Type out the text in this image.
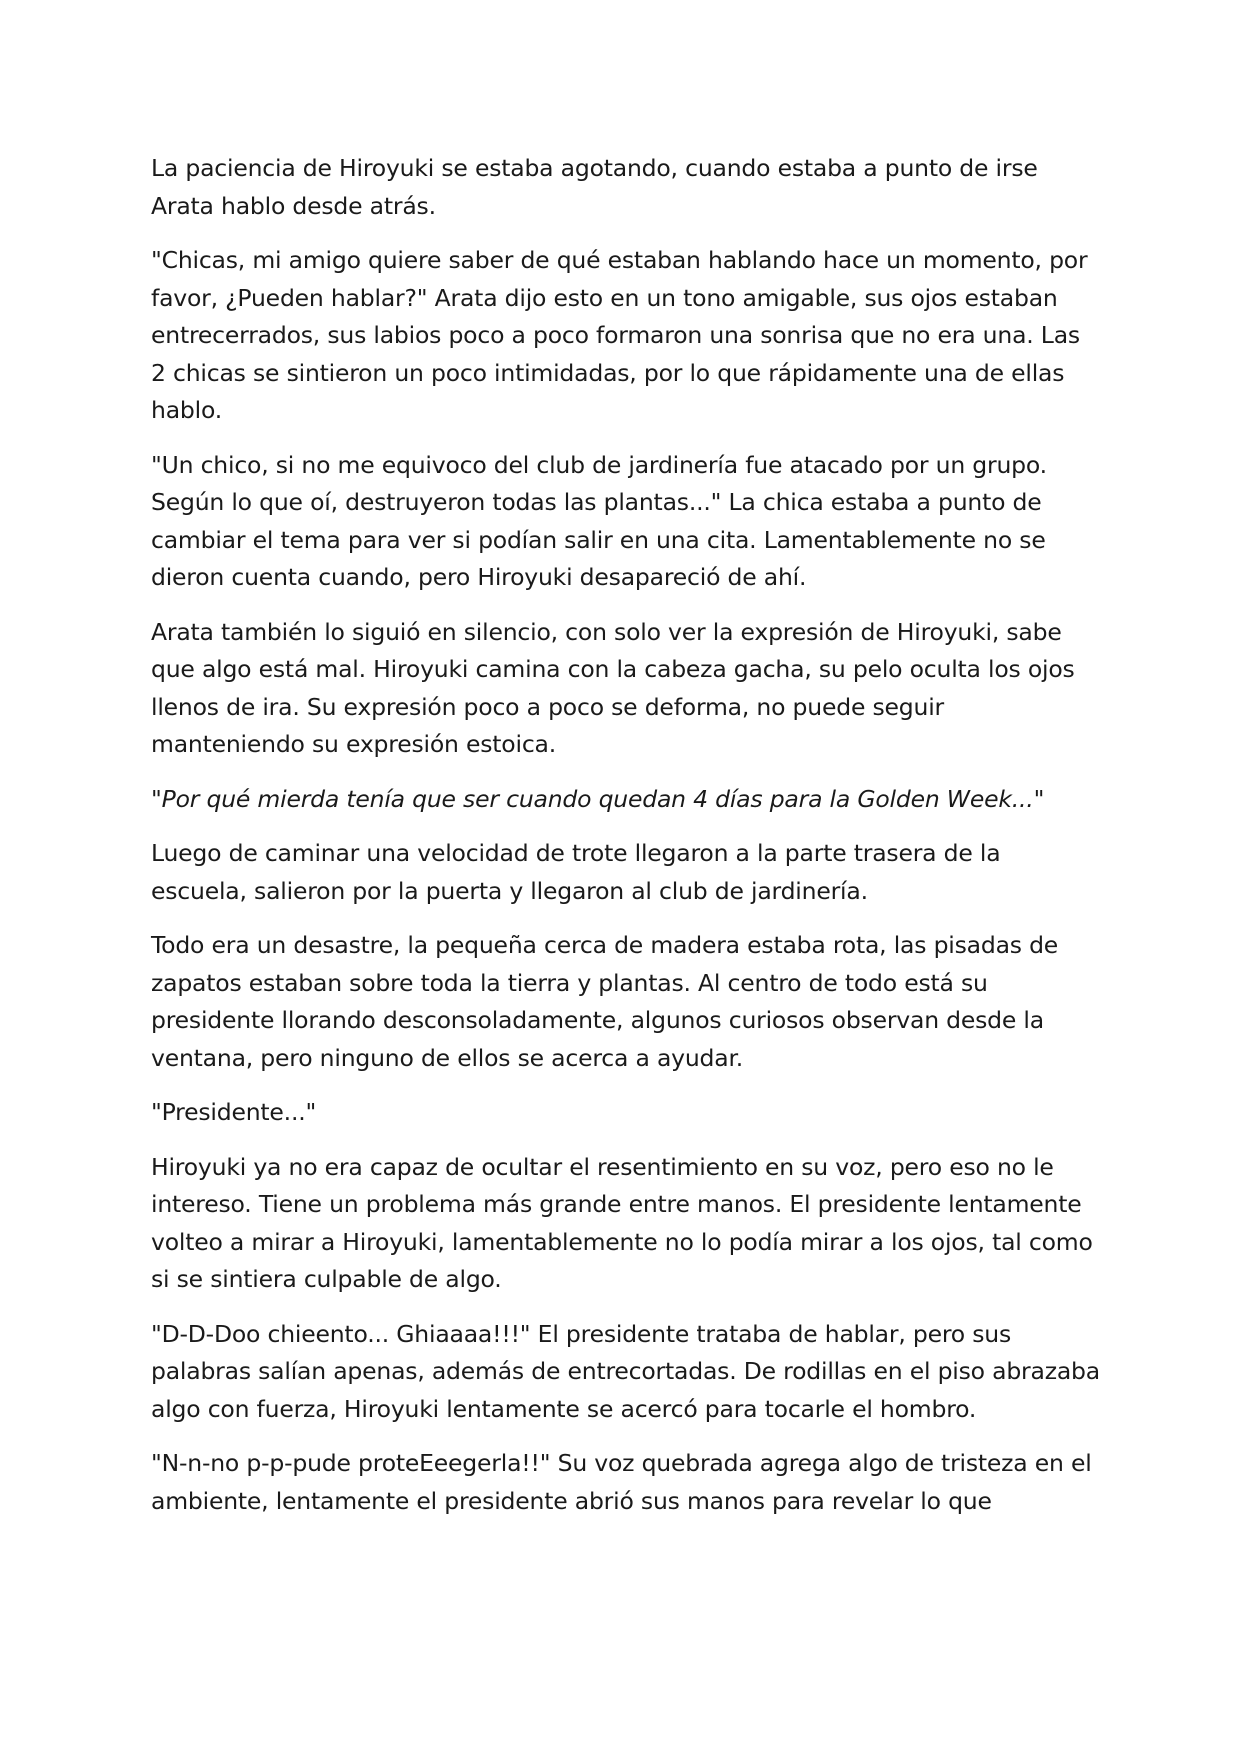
La paciencia de Hiroyuki se estaba agotando, cuando estaba a punto de irse Arata hablo desde atrás.

"Chicas, mi amigo quiere saber de qué estaban hablando hace un momento, por favor, ¿Pueden hablar?" Arata dijo esto en un tono amigable, sus ojos estaban entrecerrados, sus labios poco a poco formaron una sonrisa que no era una. Las 2 chicas se sintieron un poco intimidadas, por lo que rápidamente una de ellas hablo.

"Un chico, si no me equivoco del club de jardinería fue atacado por un grupo. Según lo que oí, destruyeron todas las plantas..." La chica estaba a punto de cambiar el tema para ver si podían salir en una cita. Lamentablemente no se dieron cuenta cuando, pero Hiroyuki desapareció de ahí.

Arata también lo siguió en silencio, con solo ver la expresión de Hiroyuki, sabe que algo está mal. Hiroyuki camina con la cabeza gacha, su pelo oculta los ojos llenos de ira. Su expresión poco a poco se deforma, no puede seguir manteniendo su expresión estoica.

"Por qué mierda tenía que ser cuando quedan 4 días para la Golden Week..."

Luego de caminar una velocidad de trote llegaron a la parte trasera de la escuela, salieron por la puerta y llegaron al club de jardinería.

Todo era un desastre, la pequeña cerca de madera estaba rota, las pisadas de zapatos estaban sobre toda la tierra y plantas. Al centro de todo está su presidente llorando desconsoladamente, algunos curiosos observan desde la ventana, pero ninguno de ellos se acerca a ayudar.

"Presidente..."

Hiroyuki ya no era capaz de ocultar el resentimiento en su voz, pero eso no le intereso. Tiene un problema más grande entre manos. El presidente lentamente volteo a mirar a Hiroyuki, lamentablemente no lo podía mirar a los ojos, tal como si se sintiera culpable de algo.

"D-D-Doo chieento... Ghiaaaa!!!" El presidente trataba de hablar, pero sus palabras salían apenas, además de entrecortadas. De rodillas en el piso abrazaba algo con fuerza, Hiroyuki lentamente se acercó para tocarle el hombro.

"N-n-no p-p-pude proteEeegerla!!" Su voz quebrada agrega algo de tristeza en el ambiente, lentamente el presidente abrió sus manos para revelar lo que
